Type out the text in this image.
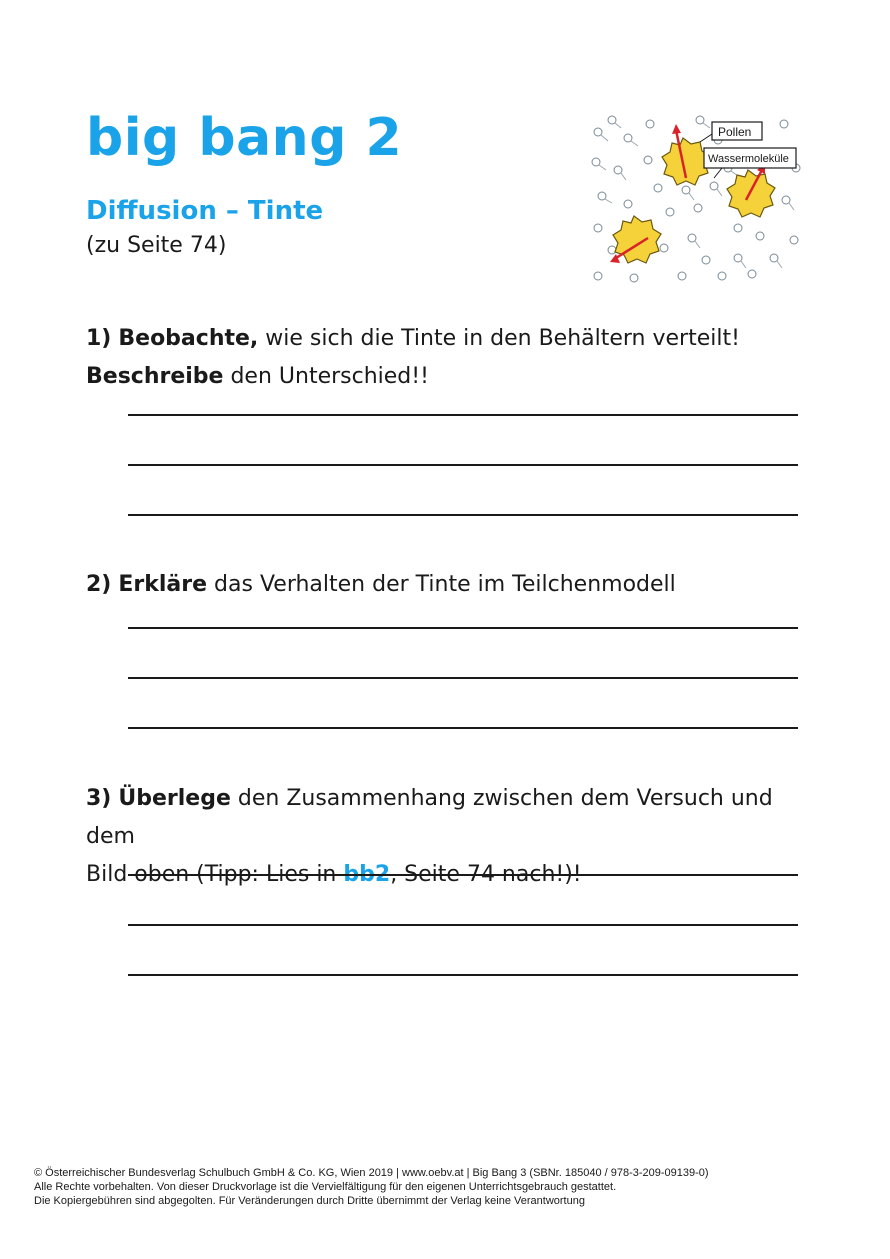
big bang 2
Diffusion – Tinte
(zu Seite 74)
Pollen
Wassermoleküle
1) Beobachte, wie sich die Tinte in den Behältern verteilt!
Beschreibe den Unterschied!!
2) Erkläre das Verhalten der Tinte im Teilchenmodell
3) Überlege den Zusammenhang zwischen dem Versuch und dem
Bild oben (Tipp: Lies in bb2, Seite 74 nach!)!
© Österreichischer Bundesverlag Schulbuch GmbH & Co. KG, Wien 2019 | www.oebv.at | Big Bang 3 (SBNr. 185040 / 978-3-209-09139-0)
Alle Rechte vorbehalten. Von dieser Druckvorlage ist die Vervielfältigung für den eigenen Unterrichtsgebrauch gestattet.
Die Kopiergebühren sind abgegolten. Für Veränderungen durch Dritte übernimmt der Verlag keine Verantwortung
